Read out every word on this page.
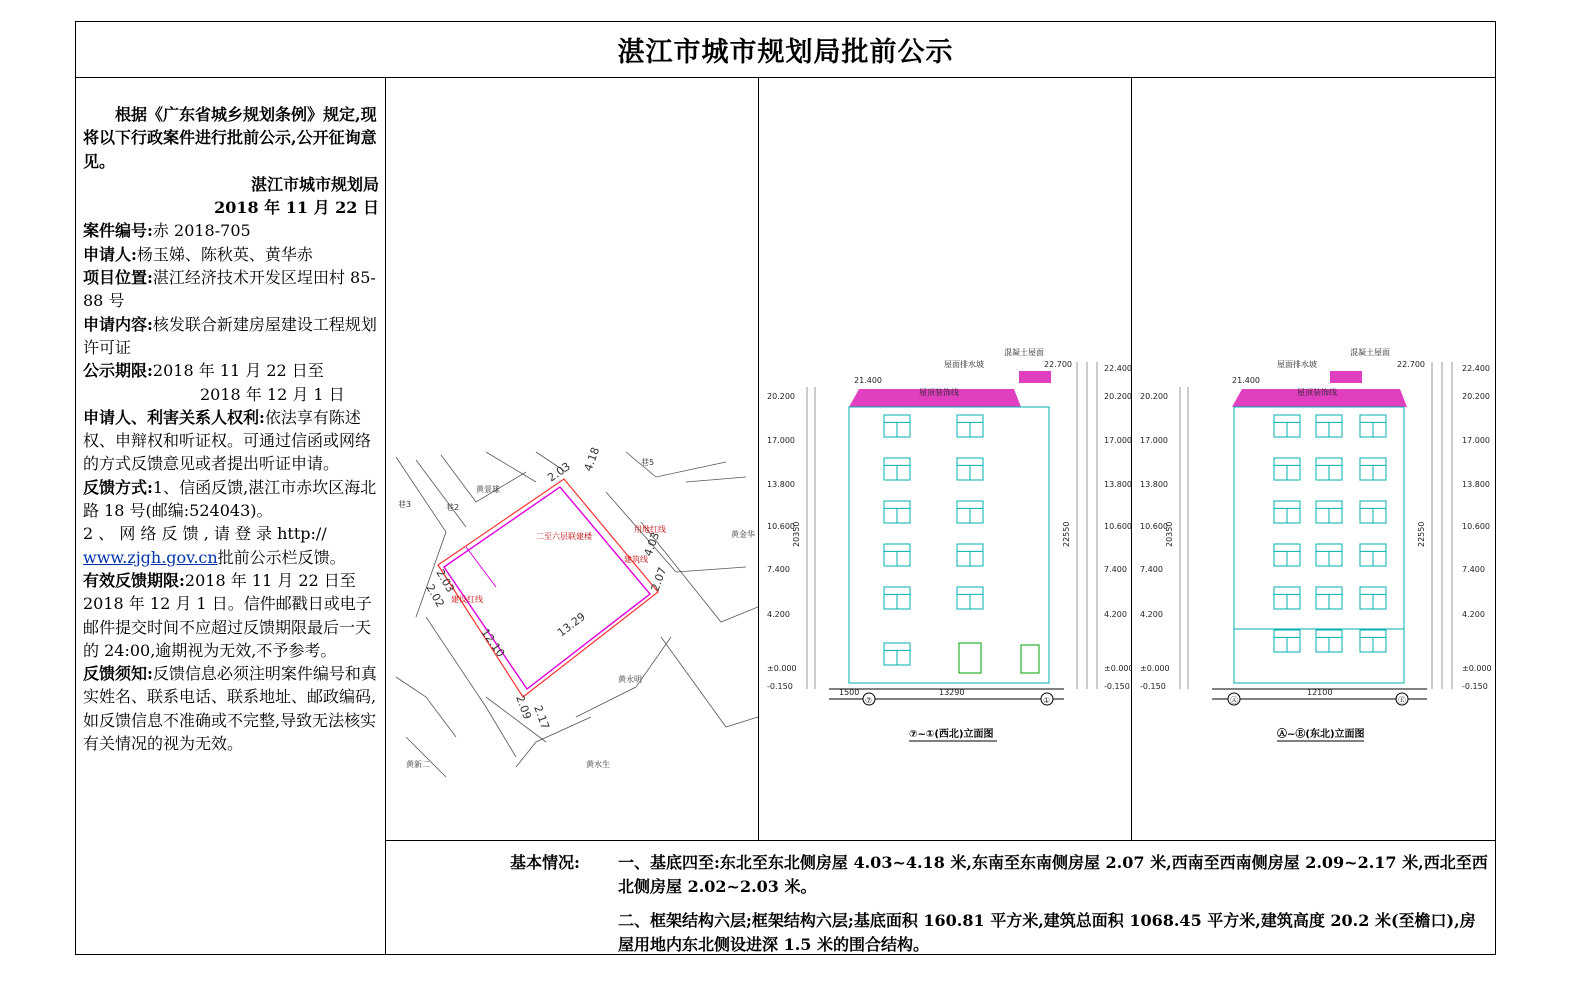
湛江市城市规划局批前公示

根据《广东省城乡规划条例》规定,现将以下行政案件进行批前公示,公开征询意见。

湛江市城市规划局

2018 年 11 月 22 日

案件编号:赤 2018-705

申请人:杨玉娣、陈秋英、黄华赤

项目位置:湛江经济技术开发区埕田村 85-88 号

申请内容:核发联合新建房屋建设工程规划许可证

公示期限:2018 年 11 月 22 日至

2018 年 12 月 1 日

申请人、利害关系人权利:依法享有陈述权、申辩权和听证权。可通过信函或网络的方式反馈意见或者提出听证申请。

反馈方式:1、信函反馈,湛江市赤坎区海北路 18 号(邮编:524043)。

2 、 网 络 反 馈 , 请 登 录 http://
www.zjgh.gov.cn批前公示栏反馈。

有效反馈期限:2018 年 11 月 22 日至 2018 年 12 月 1 日。信件邮戳日或电子邮件提交时间不应超过反馈期限最后一天的 24:00,逾期视为无效,不予参考。

反馈须知:反馈信息必须注明案件编号和真实姓名、联系电话、联系地址、邮政编码,如反馈信息不准确或不完整,导致无法核实有关情况的视为无效。

巷5
巷3	巷2
黄景雄
黄金华
黄永明
黄水生
二至六层联建楼
用地红线
建筑线
建设红线
黄新二
2.03
2.03
4.18
4.03
2.07
2.09
2.17
2.02
12.10
13.29
20.200
17.000
13.800
10.600
7.400
4.200
±0.000
-0.150
21.400
22.700	22.400
20.200
17.000
13.800
10.600
7.400
4.200
±0.000
-0.150
20350	22550
13290
1500
⑦	①
屋面排水坡
混凝土屋面
屋顶装饰线
⑦~①(西北)立面图
20.200
17.000
13.800
10.600
7.400
4.200
±0.000
-0.150
21.400
22.700	22.400
20.200
17.000
13.800
10.600
7.400
4.200
±0.000
-0.150
20350	22550
12100
Ⓐ	Ⓔ
屋面排水坡
混凝土屋面
屋顶装饰线
Ⓐ~Ⓔ(东北)立面图
基本情况: 一、基底四至:东北至东北侧房屋 4.03~4.18 米,东南至东南侧房屋 2.07 米,西南至西南侧房屋 2.09~2.17 米,西北至西北侧房屋 2.02~2.03 米。

二、框架结构六层;框架结构六层;基底面积 160.81 平方米,建筑总面积 1068.45 平方米,建筑高度 20.2 米(至檐口),房屋用地内东北侧设进深 1.5 米的围合结构。
